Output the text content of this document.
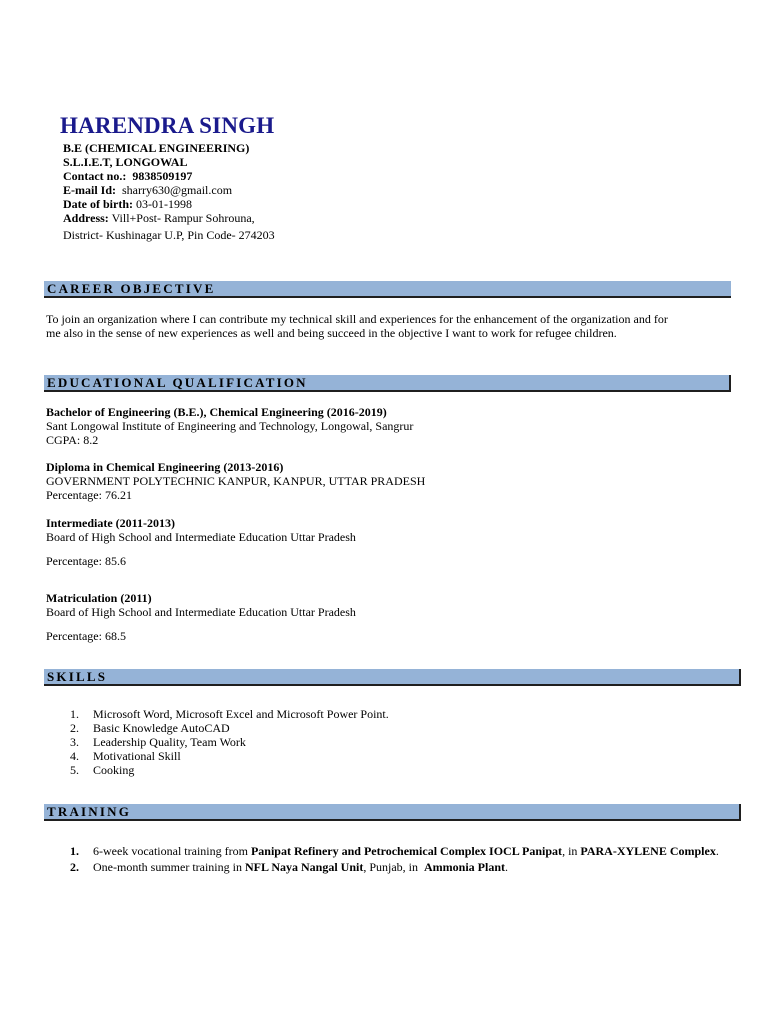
HARENDRA SINGH
B.E (CHEMICAL ENGINEERING)
S.L.I.E.T, LONGOWAL
Contact no.: 9838509197
E-mail Id: sharry630@gmail.com
Date of birth: 03-01-1998
Address: Vill+Post- Rampur Sohrouna,
District- Kushinagar U.P, Pin Code- 274203
CAREER OBJECTIVE
To join an organization where I can contribute my technical skill and experiences for the enhancement of the organization and for
me also in the sense of new experiences as well and being succeed in the objective I want to work for refugee children.
EDUCATIONAL QUALIFICATION
Bachelor of Engineering (B.E.), Chemical Engineering (2016-2019)
Sant Longowal Institute of Engineering and Technology, Longowal, Sangrur
CGPA: 8.2
Diploma in Chemical Engineering (2013-2016)
GOVERNMENT POLYTECHNIC KANPUR, KANPUR, UTTAR PRADESH
Percentage: 76.21
Intermediate (2011-2013)
Board of High School and Intermediate Education Uttar Pradesh
Percentage: 85.6
Matriculation (2011)
Board of High School and Intermediate Education Uttar Pradesh
Percentage: 68.5
SKILLS
1. Microsoft Word, Microsoft Excel and Microsoft Power Point.
2. Basic Knowledge AutoCAD
3. Leadership Quality, Team Work
4. Motivational Skill
5. Cooking
TRAINING
1. 6-week vocational training from Panipat Refinery and Petrochemical Complex IOCL Panipat, in PARA-XYLENE Complex.
2. One-month summer training in NFL Naya Nangal Unit, Punjab, in  Ammonia Plant.
